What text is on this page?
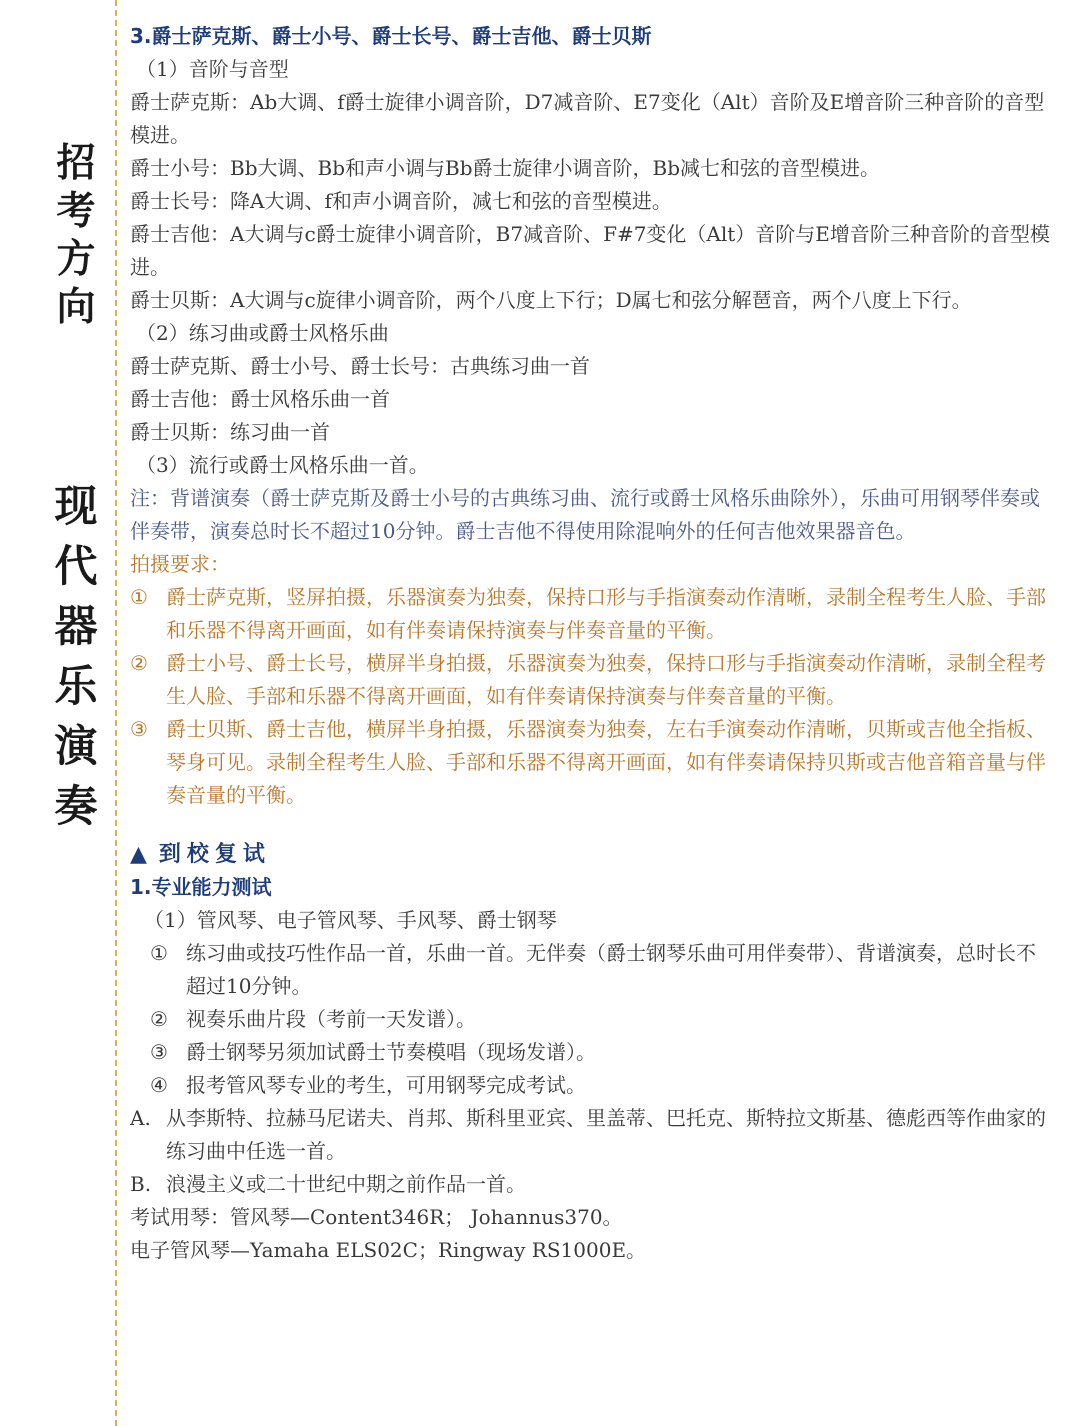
招
考
方
向
现
代
器
乐
演
奏

3.爵士萨克斯、爵士小号、爵士长号、爵士吉他、爵士贝斯

（1）音阶与音型

爵士萨克斯：Ab大调、f爵士旋律小调音阶，D7减音阶、E7变化（Alt）音阶及E增音阶三种音阶的音型模进。

爵士小号：Bb大调、Bb和声小调与Bb爵士旋律小调音阶，Bb减七和弦的音型模进。

爵士长号：降A大调、f和声小调音阶，减七和弦的音型模进。

爵士吉他：A大调与c爵士旋律小调音阶，B7减音阶、F#7变化（Alt）音阶与E增音阶三种音阶的音型模进。

爵士贝斯：A大调与c旋律小调音阶，两个八度上下行；D属七和弦分解琶音，两个八度上下行。

（2）练习曲或爵士风格乐曲

爵士萨克斯、爵士小号、爵士长号：古典练习曲一首

爵士吉他：爵士风格乐曲一首

爵士贝斯：练习曲一首

（3）流行或爵士风格乐曲一首。

注：背谱演奏（爵士萨克斯及爵士小号的古典练习曲、流行或爵士风格乐曲除外），乐曲可用钢琴伴奏或伴奏带，演奏总时长不超过10分钟。爵士吉他不得使用除混响外的任何吉他效果器音色。

拍摄要求：

① 爵士萨克斯，竖屏拍摄，乐器演奏为独奏，保持口形与手指演奏动作清晰，录制全程考生人脸、手部和乐器不得离开画面，如有伴奏请保持演奏与伴奏音量的平衡。
② 爵士小号、爵士长号，横屏半身拍摄，乐器演奏为独奏，保持口形与手指演奏动作清晰，录制全程考生人脸、手部和乐器不得离开画面，如有伴奏请保持演奏与伴奏音量的平衡。
③ 爵士贝斯、爵士吉他，横屏半身拍摄，乐器演奏为独奏，左右手演奏动作清晰，贝斯或吉他全指板、琴身可见。录制全程考生人脸、手部和乐器不得离开画面，如有伴奏请保持贝斯或吉他音箱音量与伴奏音量的平衡。

▲ 到校复试

1.专业能力测试

（1）管风琴、电子管风琴、手风琴、爵士钢琴

① 练习曲或技巧性作品一首，乐曲一首。无伴奏（爵士钢琴乐曲可用伴奏带）、背谱演奏，总时长不超过10分钟。
② 视奏乐曲片段（考前一天发谱）。
③ 爵士钢琴另须加试爵士节奏模唱（现场发谱）。
④ 报考管风琴专业的考生，可用钢琴完成考试。
A. 从李斯特、拉赫马尼诺夫、肖邦、斯科里亚宾、里盖蒂、巴托克、斯特拉文斯基、德彪西等作曲家的练习曲中任选一首。
B. 浪漫主义或二十世纪中期之前作品一首。

考试用琴：管风琴—Content346R； Johannus370。

电子管风琴—Yamaha ELS02C；Ringway RS1000E。
